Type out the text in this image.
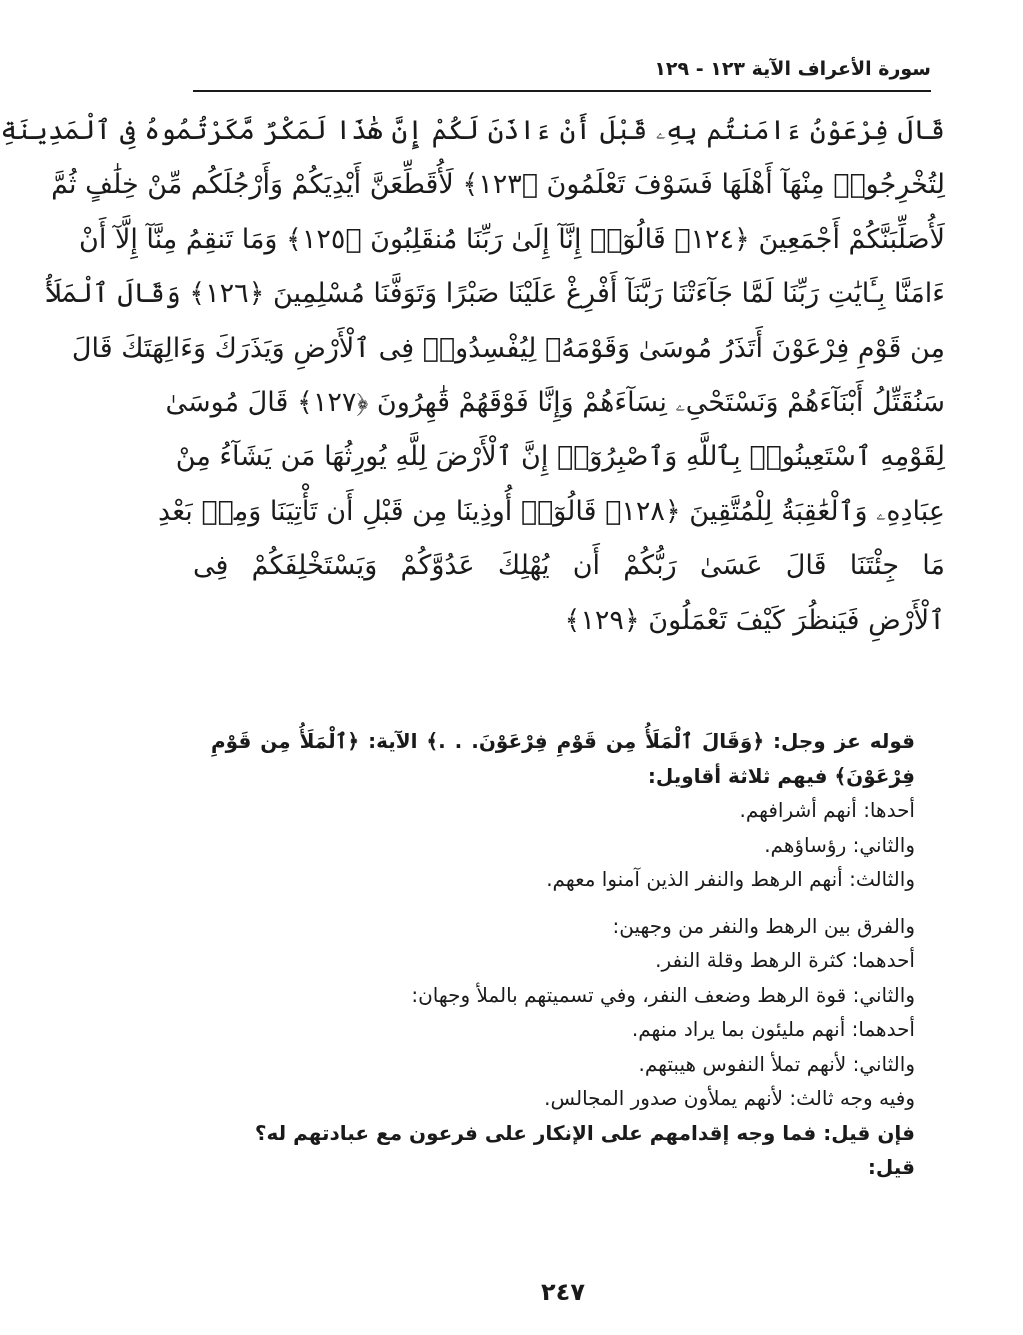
سورة الأعراف الآية ١٢٣ - ١٢٩
قَالَ فِرْعَوْنُ ءَامَنتُم بِهِۦ قَبْلَ أَنْ ءَاذَنَ لَكُمْ إِنَّ هَٰذَا لَمَكْرٌ مَّكَرْتُمُوهُ فِى ٱلْمَدِينَةِ
لِتُخْرِجُوا۟ مِنْهَآ أَهْلَهَا فَسَوْفَ تَعْلَمُونَ ﴿١٢٣﴾ لَأُقَطِّعَنَّ أَيْدِيَكُمْ وَأَرْجُلَكُم مِّنْ خِلَٰفٍ ثُمَّ
لَأُصَلِّبَنَّكُمْ أَجْمَعِينَ ﴿١٢٤﴾ قَالُوٓا۟ إِنَّآ إِلَىٰ رَبِّنَا مُنقَلِبُونَ ﴿١٢٥﴾ وَمَا تَنقِمُ مِنَّآ إِلَّآ أَنْ
ءَامَنَّا بِـَٔايَٰتِ رَبِّنَا لَمَّا جَآءَتْنَا رَبَّنَآ أَفْرِغْ عَلَيْنَا صَبْرًا وَتَوَفَّنَا مُسْلِمِينَ ﴿١٢٦﴾ وَقَالَ ٱلْمَلَأُ
مِن قَوْمِ فِرْعَوْنَ أَتَذَرُ مُوسَىٰ وَقَوْمَهُۥ لِيُفْسِدُوا۟ فِى ٱلْأَرْضِ وَيَذَرَكَ وَءَالِهَتَكَ قَالَ
سَنُقَتِّلُ أَبْنَآءَهُمْ وَنَسْتَحْىِۦ نِسَآءَهُمْ وَإِنَّا فَوْقَهُمْ قَٰهِرُونَ ﴿١٢٧﴾ قَالَ مُوسَىٰ
لِقَوْمِهِ ٱسْتَعِينُوا۟ بِٱللَّهِ وَٱصْبِرُوٓا۟ إِنَّ ٱلْأَرْضَ لِلَّهِ يُورِثُهَا مَن يَشَآءُ مِنْ
عِبَادِهِۦ وَٱلْعَٰقِبَةُ لِلْمُتَّقِينَ ﴿١٢٨﴾ قَالُوٓا۟ أُوذِينَا مِن قَبْلِ أَن تَأْتِيَنَا وَمِنۢ بَعْدِ
مَا جِئْتَنَا قَالَ عَسَىٰ رَبُّكُمْ أَن يُهْلِكَ عَدُوَّكُمْ وَيَسْتَخْلِفَكُمْ فِى
ٱلْأَرْضِ فَيَنظُرَ كَيْفَ تَعْمَلُونَ ﴿١٢٩﴾

قوله عز وجل: ﴿وَقَالَ ٱلْمَلَأُ مِن قَوْمِ فِرْعَوْنَ. . .﴾ الآية: ﴿ٱلْمَلَأُ مِن قَوْمِ فِرْعَوْنَ﴾ فيهم ثلاثة أقاويل:

أحدها: أنهم أشرافهم.

والثاني: رؤساؤهم.

والثالث: أنهم الرهط والنفر الذين آمنوا معهم.

والفرق بين الرهط والنفر من وجهين:

أحدهما: كثرة الرهط وقلة النفر.

والثاني: قوة الرهط وضعف النفر، وفي تسميتهم بالملأ وجهان:

أحدهما: أنهم مليئون بما يراد منهم.

والثاني: لأنهم تملأ النفوس هيبتهم.

وفيه وجه ثالث: لأنهم يملأون صدور المجالس.

فإن قيل: فما وجه إقدامهم على الإنكار على فرعون مع عبادتهم له؟ قيل:

٢٤٧
